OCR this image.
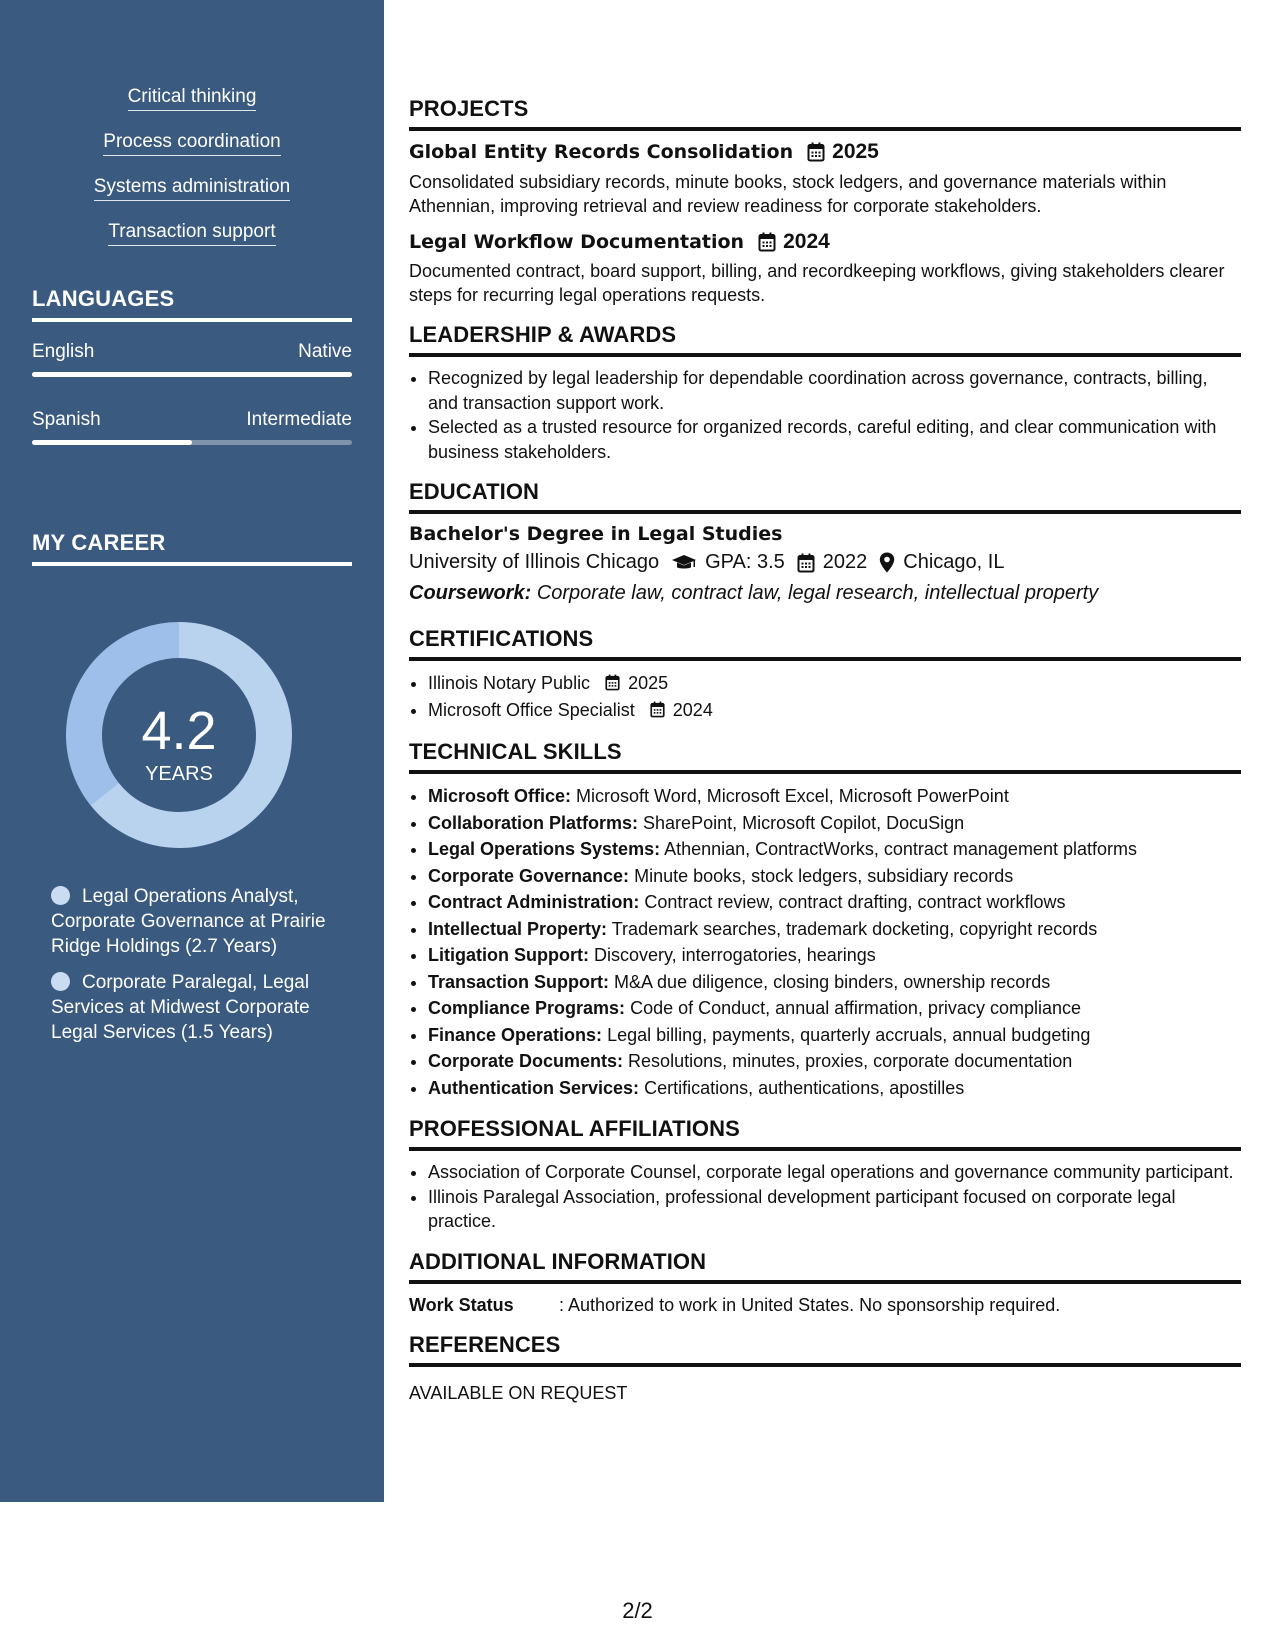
Critical thinking
Process coordination
Systems administration
Transaction support
LANGUAGES
English	Native
Spanish	Intermediate
MY CAREER
4.2
YEARS
Legal Operations Analyst, Corporate Governance at Prairie Ridge Holdings (2.7 Years)
Corporate Paralegal, Legal Services at Midwest Corporate Legal Services (1.5 Years)
PROJECTS
Global Entity Records Consolidation 2025
Consolidated subsidiary records, minute books, stock ledgers, and governance materials within Athennian, improving retrieval and review readiness for corporate stakeholders.
Legal Workflow Documentation 2024
Documented contract, board support, billing, and recordkeeping workflows, giving stakeholders clearer steps for recurring legal operations requests.
LEADERSHIP & AWARDS
• Recognized by legal leadership for dependable coordination across governance, contracts, billing, and transaction support work.
• Selected as a trusted resource for organized records, careful editing, and clear communication with business stakeholders.
EDUCATION
Bachelor's Degree in Legal Studies
University of Illinois Chicago GPA: 3.5 2022 Chicago, IL
Coursework: Corporate law, contract law, legal research, intellectual property
CERTIFICATIONS
• Illinois Notary Public 2025
• Microsoft Office Specialist 2024
TECHNICAL SKILLS
• Microsoft Office: Microsoft Word, Microsoft Excel, Microsoft PowerPoint
• Collaboration Platforms: SharePoint, Microsoft Copilot, DocuSign
• Legal Operations Systems: Athennian, ContractWorks, contract management platforms
• Corporate Governance: Minute books, stock ledgers, subsidiary records
• Contract Administration: Contract review, contract drafting, contract workflows
• Intellectual Property: Trademark searches, trademark docketing, copyright records
• Litigation Support: Discovery, interrogatories, hearings
• Transaction Support: M&A due diligence, closing binders, ownership records
• Compliance Programs: Code of Conduct, annual affirmation, privacy compliance
• Finance Operations: Legal billing, payments, quarterly accruals, annual budgeting
• Corporate Documents: Resolutions, minutes, proxies, corporate documentation
• Authentication Services: Certifications, authentications, apostilles
PROFESSIONAL AFFILIATIONS
• Association of Corporate Counsel, corporate legal operations and governance community participant.
• Illinois Paralegal Association, professional development participant focused on corporate legal practice.
ADDITIONAL INFORMATION
Work Status	: Authorized to work in United States. No sponsorship required.
REFERENCES
AVAILABLE ON REQUEST
2/2
